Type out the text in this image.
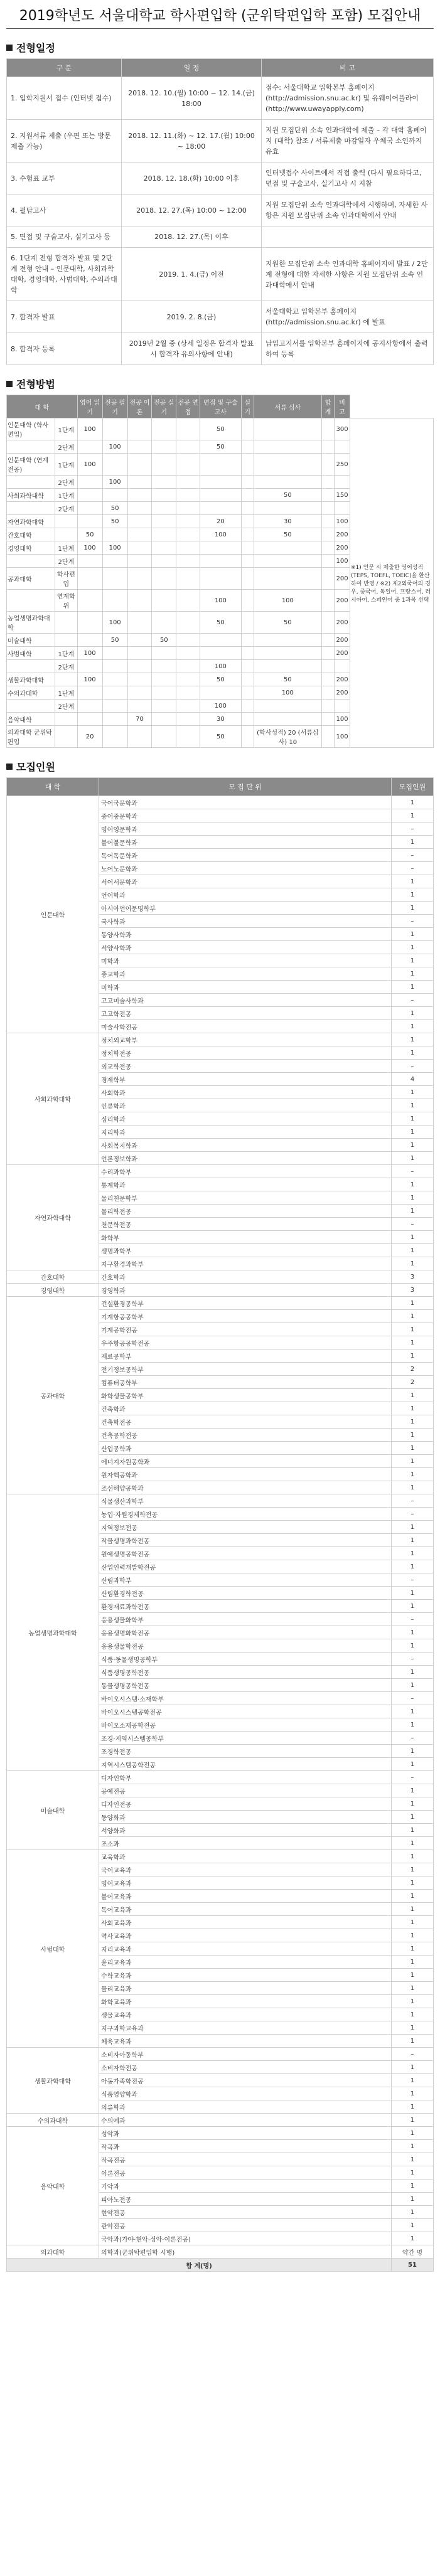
2019학년도 서울대학교 학사편입학 (군위탁편입학 포함) 모집안내
전형일정
구 분	일 정	비 고
1. 입학지원서 접수 (인터넷 접수)	2018. 12. 10.(월) 10:00 ~ 12. 14.(금) 18:00	접수: 서울대학교 입학본부 홈페이지(http://admission.snu.ac.kr) 및 유웨이어플라이(http://www.uwayapply.com)
2. 지원서류 제출 (우편 또는 방문제출 가능)	2018. 12. 11.(화) ~ 12. 17.(월) 10:00 ~ 18:00	지원 모집단위 소속 인과대학에 제출 – 각 대학 홈페이지 (대학) 참조 / 서류제출 마감일자 우체국 소인까지 유효
3. 수험표 교부	2018. 12. 18.(화) 10:00 이후	인터넷접수 사이트에서 직접 출력 (다시 필요하다고, 면접 및 구술고사, 실기고사 시 지참
4. 필답고사	2018. 12. 27.(목) 10:00 ~ 12:00	지원 모집단위 소속 인과대학에서 시행하며, 자세한 사항은 지원 모집단위 소속 인과대학에서 안내
5. 면접 및 구술고사, 실기고사 등	2018. 12. 27.(목) 이후	
6. 1단계 전형 합격자 발표 및 2단계 전형 안내 – 인문대학, 사회과학대학, 경영대학, 사범대학, 수의과대학	2019. 1. 4.(금) 이전	지원한 모집단위 소속 인과대학 홈페이지에 발표 / 2단계 전형에 대한 자세한 사항은 지원 모집단위 소속 인과대학에서 안내
7. 합격자 발표	2019. 2. 8.(금)	서울대학교 입학본부 홈페이지 (http://admission.snu.ac.kr) 에 발표
8. 합격자 등록	2019년 2월 중 (상세 일정은 합격자 발표 시 합격자 유의사항에 안내)	납입고지서를 입학본부 홈페이지에 공지사항에서 출력하여 등록
전형방법
대 학		영어 읽기	전공 필기	전공 이론	전공 실기	전공 면접	면접 및 구술고사	실기	서류 심사	합계	비 고	
인문대학 (학사편입)	1단계	100					50				300	※1) 인문 시 제출한 영어성적(TEPS, TOEFL, TOEIC)을 환산하여 반영 / ※2) 제2외국어의 경우, 중국어, 독일어, 프랑스어, 러시아어, 스페인어 중 1과목 선택
	2단계		100				50					
인문대학 (연계전공)	1단계	100									250	
	2단계		100									
사회과학대학	1단계								50		150	
	2단계		50									
자연과학대학			50				20		30		100	
간호대학		50					100		50		200	
경영대학	1단계	100	100								200	
	2단계										100	
공과대학	학사편입										200	
	연계학위						100		100		200	
농업생명과학대학			100				50		50		200	
미술대학			50		50						200	
사범대학	1단계	100									200	
	2단계						100					
생활과학대학		100					50		50		200	
수의과대학	1단계								100		200	
	2단계						100					
음악대학				70			30				100	
의과대학 군위탁편입		20					50		(학사성적) 20 (서류심사) 10		100	
모집인원
대 학	모 집 단 위	모집인원
인문대학	국어국문학과	1
	중어중문학과	1
	영어영문학과	–
	불어불문학과	1
	독어독문학과	–
	노어노문학과	–
	서어서문학과	1
	언어학과	1
	아시아언어문명학부	1
	국사학과	–
	동양사학과	1
	서양사학과	1
	미학과	1
	종교학과	1
	미학과	1
	고고미술사학과	–
	고고학전공	1
	미술사학전공	1
사회과학대학	정치외교학부	1
	정치학전공	1
	외교학전공	–
	경제학부	4
	사회학과	1
	인류학과	1
	심리학과	1
	지리학과	1
	사회복지학과	1
	언론정보학과	1
자연과학대학	수리과학부	–
	통계학과	1
	물리천문학부	1
	물리학전공	1
	천문학전공	–
	화학부	1
	생명과학부	1
	지구환경과학부	1
간호대학	간호학과	3
경영대학	경영학과	3
공과대학	건설환경공학부	1
	기계항공공학부	1
	기계공학전공	1
	우주항공공학전공	1
	재료공학부	1
	전기정보공학부	2
	컴퓨터공학부	2
	화학생물공학부	1
	건축학과	1
	건축학전공	1
	건축공학전공	1
	산업공학과	1
	에너지자원공학과	1
	원자핵공학과	1
	조선해양공학과	1
농업생명과학대학	식물생산과학부	–
	농업·자원경제학전공	–
	지역정보전공	1
	작물생명과학전공	1
	원예생명공학전공	1
	산업인력개발학전공	1
	산림과학부	–
	산림환경학전공	1
	환경재료과학전공	1
	응용생물화학부	–
	응용생명화학전공	1
	응용생물학전공	1
	식품·동물생명공학부	–
	식품생명공학전공	1
	동물생명공학전공	1
	바이오시스템·소재학부	–
	바이오시스템공학전공	1
	바이오소재공학전공	1
	조경·지역시스템공학부	–
	조경학전공	1
	지역시스템공학전공	1
미술대학	디자인학부	–
	공예전공	1
	디자인전공	1
	동양화과	1
	서양화과	1
	조소과	1
사범대학	교육학과	1
	국어교육과	1
	영어교육과	1
	불어교육과	1
	독어교육과	1
	사회교육과	1
	역사교육과	1
	지리교육과	1
	윤리교육과	1
	수학교육과	1
	물리교육과	1
	화학교육과	1
	생물교육과	1
	지구과학교육과	1
	체육교육과	1
생활과학대학	소비자아동학부	–
	소비자학전공	1
	아동가족학전공	1
	식품영양학과	1
	의류학과	1
수의과대학	수의예과	1
음악대학	성악과	1
	작곡과	1
	작곡전공	1
	이론전공	1
	기악과	1
	피아노전공	1
	현악전공	1
	관악전공	1
	국악과(가야·현악·성악·이론전공)	1
의과대학	의학과(군위탁편입학 시행)	약간 명
합 계(명)		51
